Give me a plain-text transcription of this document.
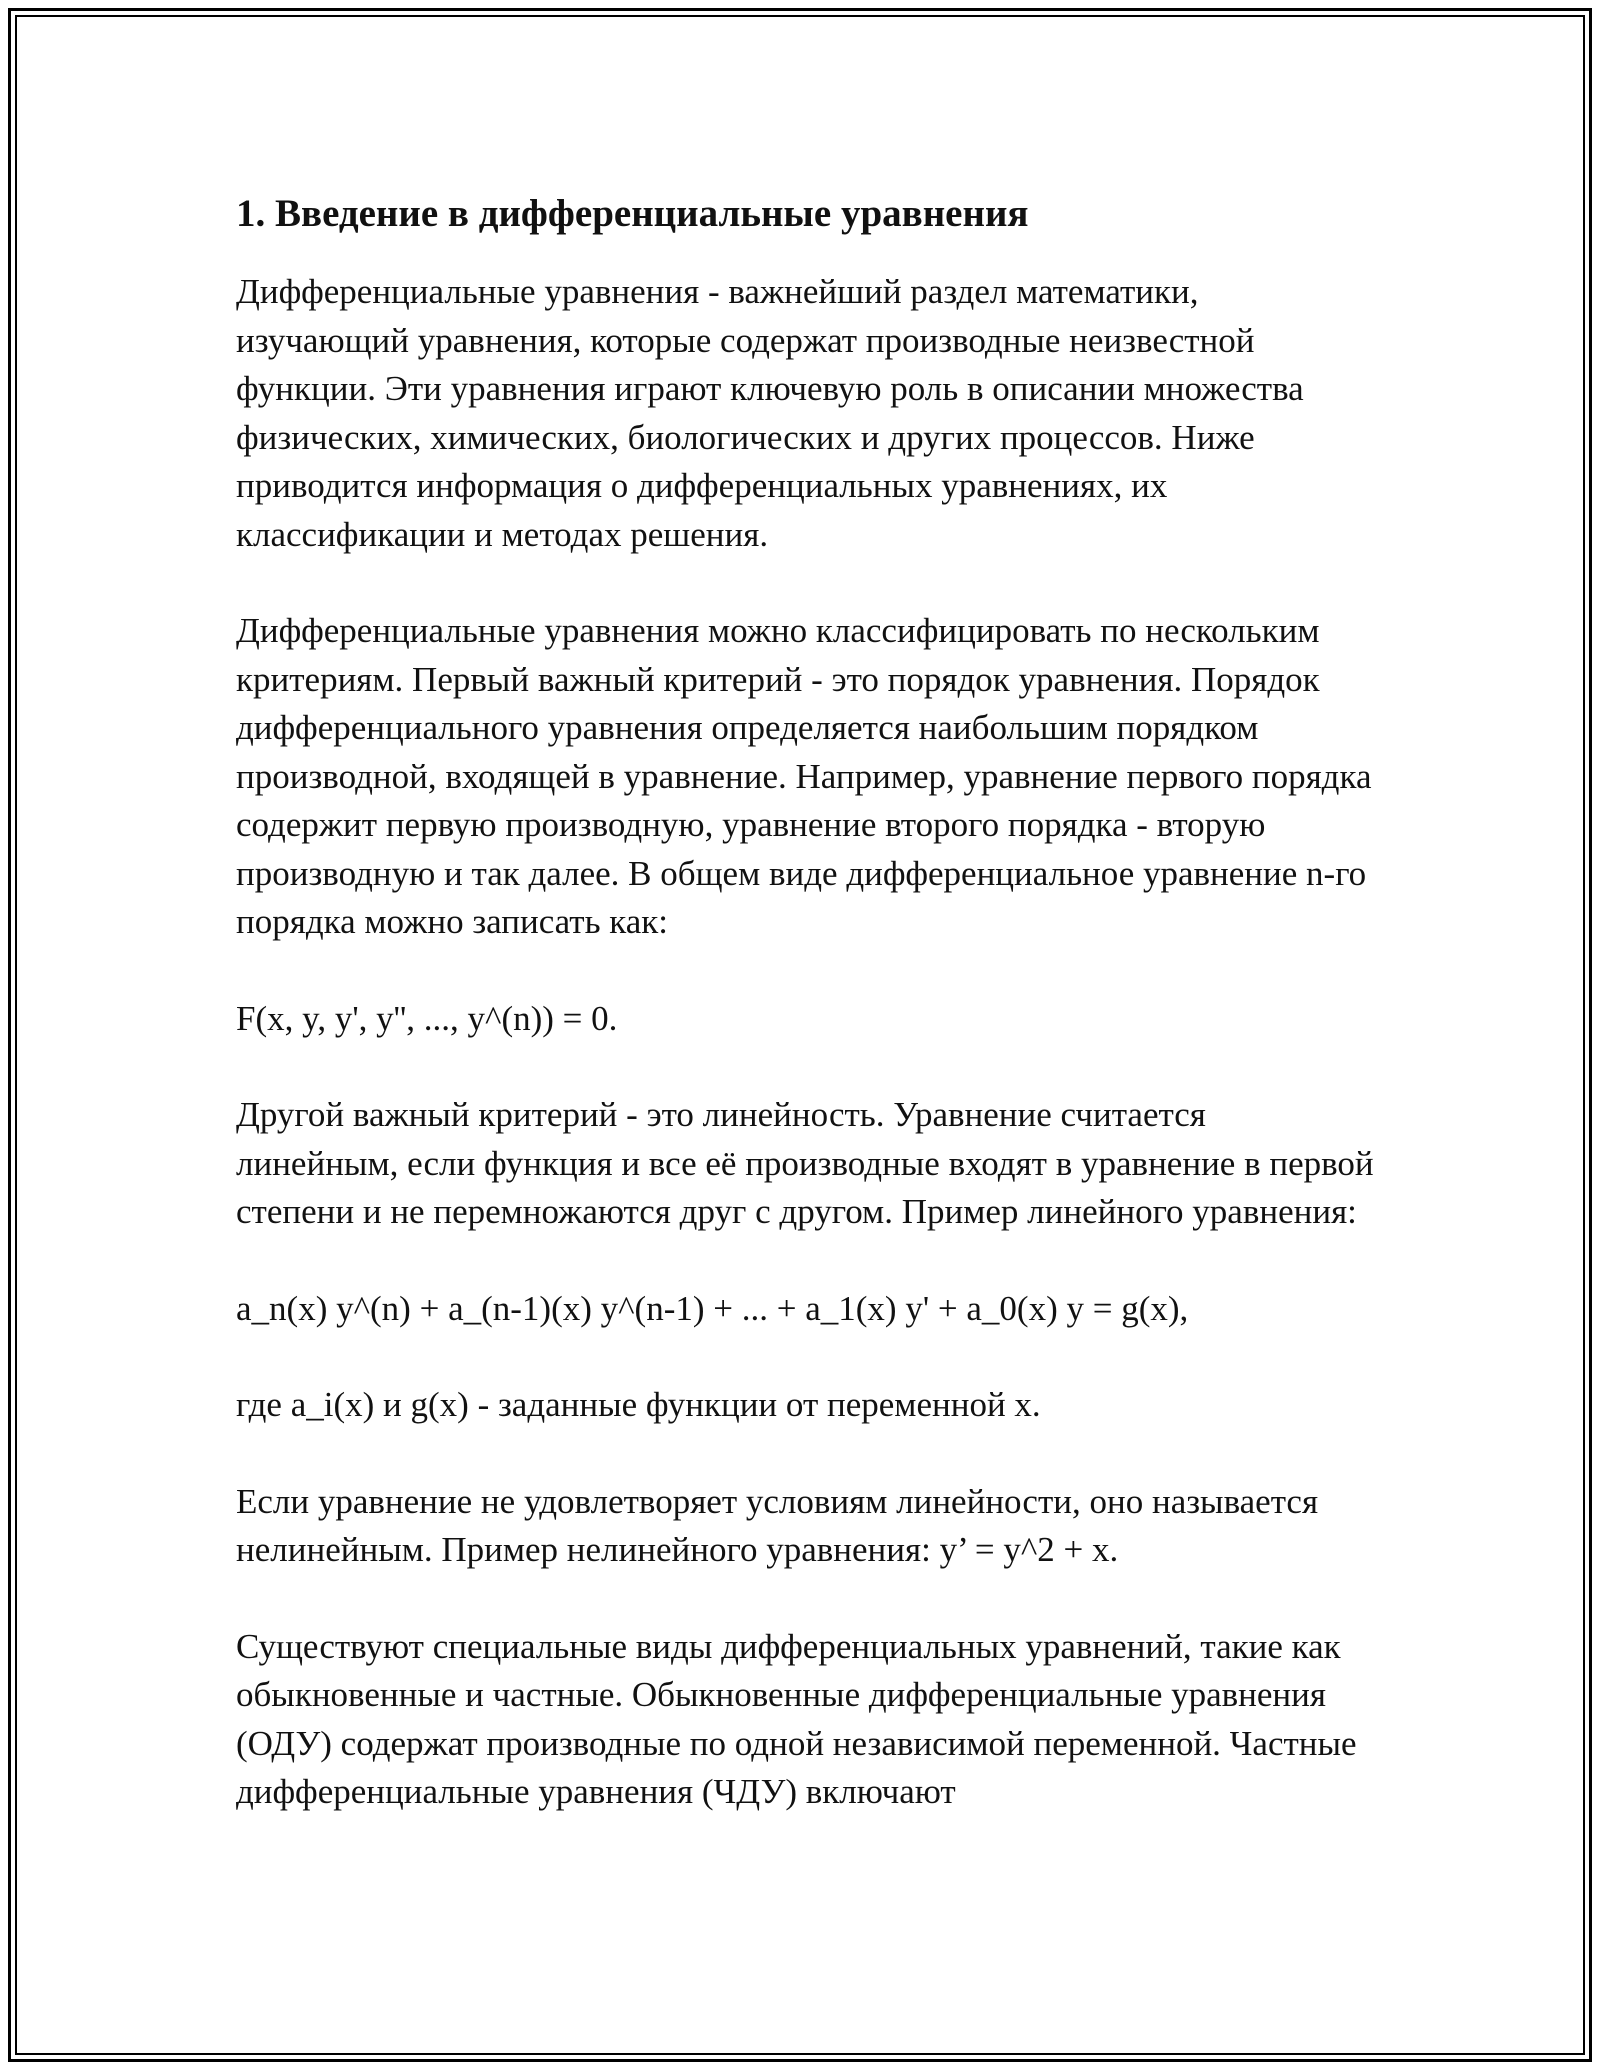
1. Введение в дифференциальные уравнения

Дифференциальные уравнения - важнейший раздел математики, изучающий уравнения, которые содержат производные неизвестной функции. Эти уравнения играют ключевую роль в описании множества физических, химических, биологических и других процессов. Ниже приводится информация о дифференциальных уравнениях, их классификации и методах решения.

Дифференциальные уравнения можно классифицировать по нескольким критериям. Первый важный критерий - это порядок уравнения. Порядок дифференциального уравнения определяется наибольшим порядком производной, входящей в уравнение. Например, уравнение первого порядка содержит первую производную, уравнение второго порядка - вторую производную и так далее. В общем виде дифференциальное уравнение n-го порядка можно записать как:

F(x, y, y', y'', ..., y^(n)) = 0.

Другой важный критерий - это линейность. Уравнение считается линейным, если функция и все её производные входят в уравнение в первой степени и не перемножаются друг с другом. Пример линейного уравнения:

a_n(x) y^(n) + a_(n-1)(x) y^(n-1) + ... + a_1(x) y' + a_0(x) y = g(x),

где a_i(x) и g(x) - заданные функции от переменной x.

Если уравнение не удовлетворяет условиям линейности, оно называется нелинейным. Пример нелинейного уравнения: y’ = y^2 + x.

Существуют специальные виды дифференциальных уравнений, такие как обыкновенные и частные. Обыкновенные дифференциальные уравнения (ОДУ) содержат производные по одной независимой переменной. Частные дифференциальные уравнения (ЧДУ) включают
